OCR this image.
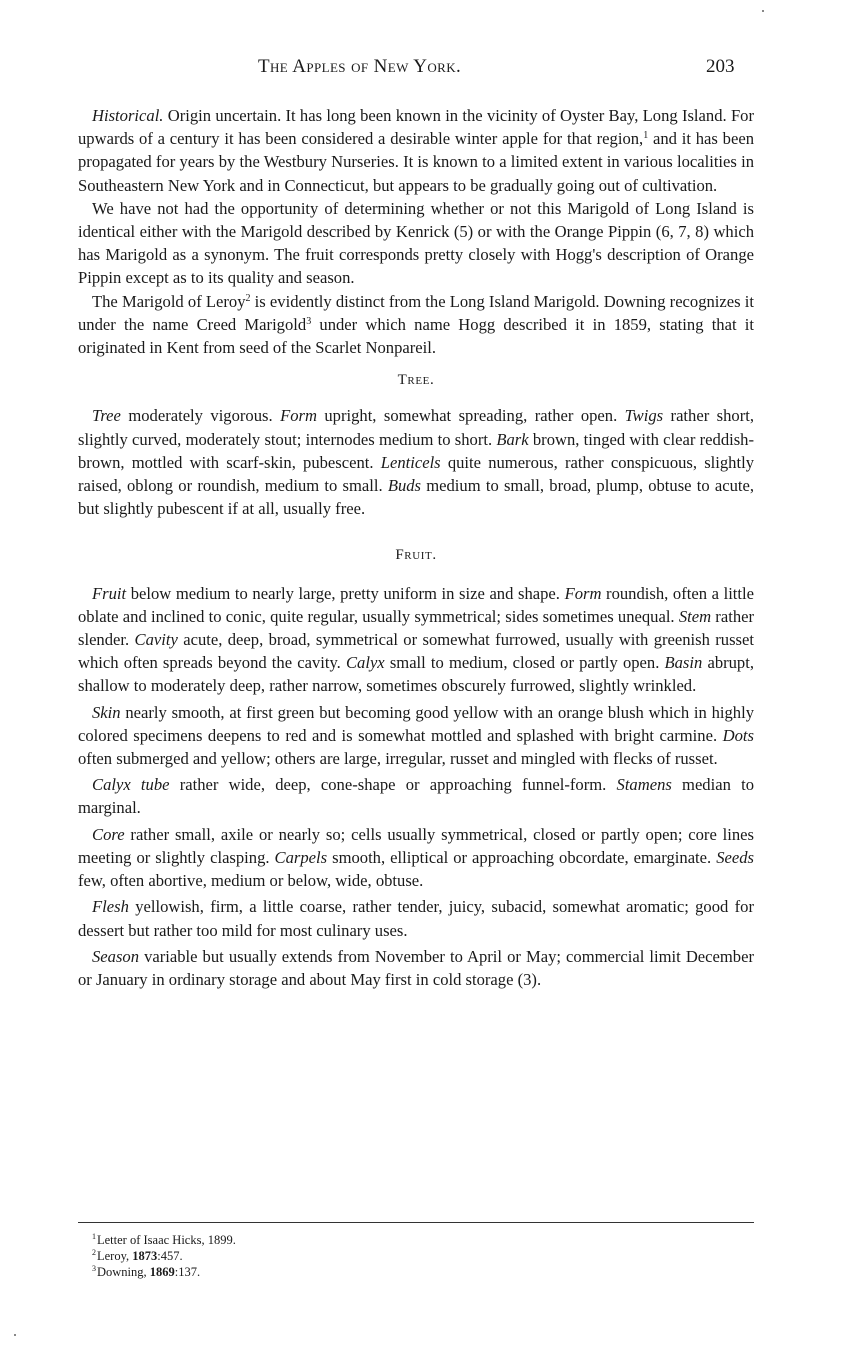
The Apples of New York.	203

Historical. Origin uncertain. It has long been known in the vicinity of Oyster Bay, Long Island. For upwards of a century it has been considered a desirable winter apple for that region,$^1$ and it has been propagated for years by the Westbury Nurseries. It is known to a limited extent in various localities in Southeastern New York and in Connecticut, but appears to be gradually going out of cultivation.

We have not had the opportunity of determining whether or not this Marigold of Long Island is identical either with the Marigold described by Kenrick (5) or with the Orange Pippin (6, 7, 8) which has Marigold as a synonym. The fruit corresponds pretty closely with Hogg's description of Orange Pippin except as to its quality and season.

The Marigold of Leroy$^2$ is evidently distinct from the Long Island Marigold. Downing recognizes it under the name Creed Marigold$^3$ under which name Hogg described it in 1859, stating that it originated in Kent from seed of the Scarlet Nonpareil.

Tree.

Tree moderately vigorous. Form upright, somewhat spreading, rather open. Twigs rather short, slightly curved, moderately stout; internodes medium to short. Bark brown, tinged with clear reddish-brown, mottled with scarf-skin, pubescent. Lenticels quite numerous, rather conspicuous, slightly raised, oblong or roundish, medium to small. Buds medium to small, broad, plump, obtuse to acute, but slightly pubescent if at all, usually free.

Fruit.

Fruit below medium to nearly large, pretty uniform in size and shape. Form roundish, often a little oblate and inclined to conic, quite regular, usually symmetrical; sides sometimes unequal. Stem rather slender. Cavity acute, deep, broad, symmetrical or somewhat furrowed, usually with greenish russet which often spreads beyond the cavity. Calyx small to medium, closed or partly open. Basin abrupt, shallow to moderately deep, rather narrow, sometimes obscurely furrowed, slightly wrinkled.

Skin nearly smooth, at first green but becoming good yellow with an orange blush which in highly colored specimens deepens to red and is somewhat mottled and splashed with bright carmine. Dots often submerged and yellow; others are large, irregular, russet and mingled with flecks of russet.

Calyx tube rather wide, deep, cone-shape or approaching funnel-form. Stamens median to marginal.

Core rather small, axile or nearly so; cells usually symmetrical, closed or partly open; core lines meeting or slightly clasping. Carpels smooth, elliptical or approaching obcordate, emarginate. Seeds few, often abortive, medium or below, wide, obtuse.

Flesh yellowish, firm, a little coarse, rather tender, juicy, subacid, somewhat aromatic; good for dessert but rather too mild for most culinary uses.

Season variable but usually extends from November to April or May; commercial limit December or January in ordinary storage and about May first in cold storage (3).

$^1$Letter of Isaac Hicks, 1899.
$^2$Leroy, 1873:457.
$^3$Downing, 1869:137.
